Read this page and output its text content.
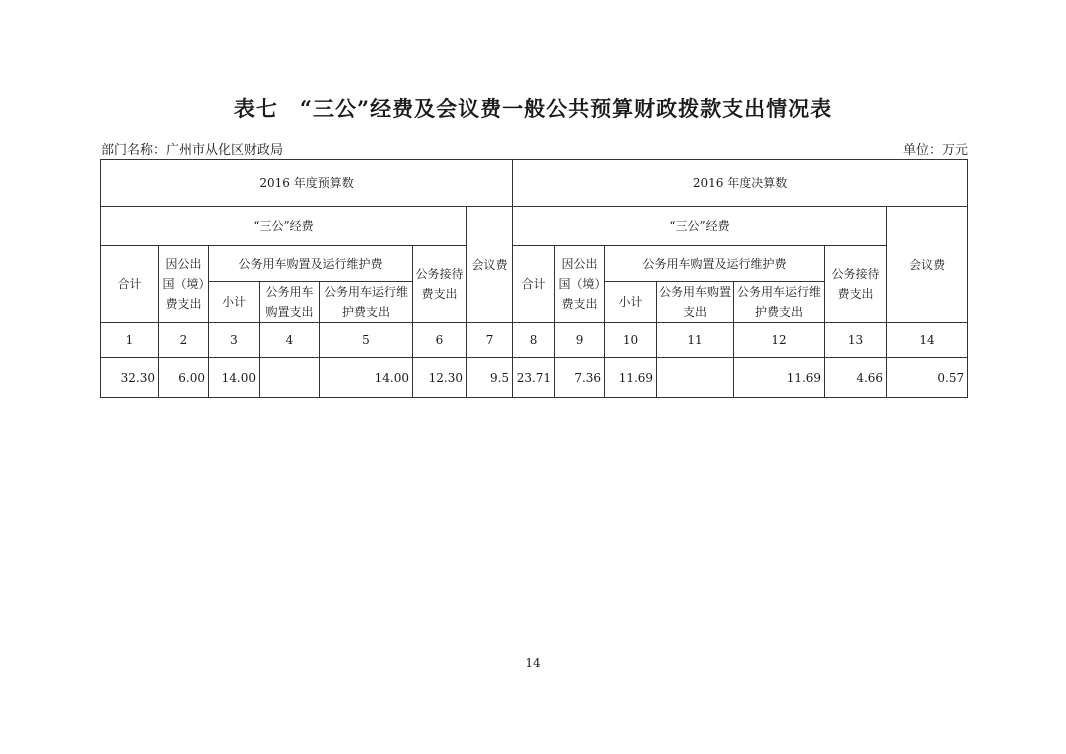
表七　“三公”经费及会议费一般公共预算财政拨款支出情况表
部门名称：广州市从化区财政局	单位：万元
2016 年度预算数							2016 年度决算数						
“三公”经费						会议费	“三公”经费						会议费
合计	因公出国（境）费支出	公务用车购置及运行维护费			公务接待费支出		合计	因公出国（境）费支出	公务用车购置及运行维护费			公务接待费支出	
		小计	公务用车购置支出	公务用车运行维护费支出					小计	公务用车购置支出	公务用车运行维护费支出		
1	2	3	4	5	6	7	8	9	10	11	12	13	14
32.30	6.00	14.00		14.00	12.30	9.5	23.71	7.36	11.69		11.69	4.66	0.57
14
